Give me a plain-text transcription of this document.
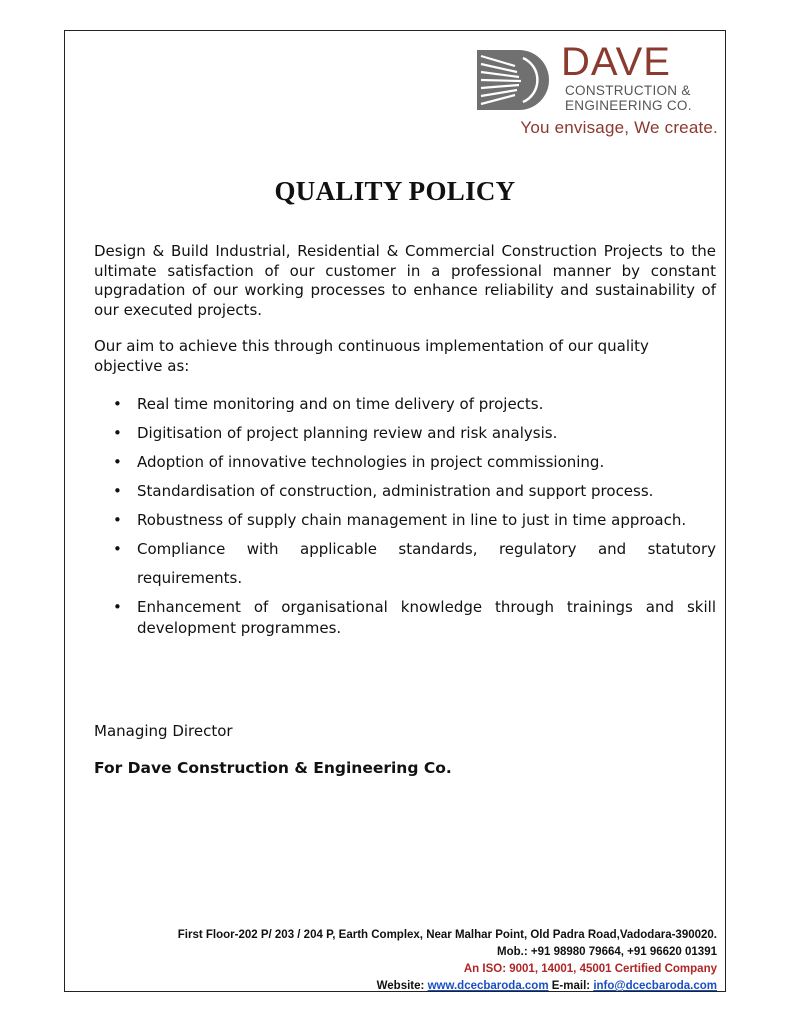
DAVE
CONSTRUCTION &
ENGINEERING CO.
You envisage, We create.
QUALITY POLICY
Design & Build Industrial, Residential & Commercial Construction Projects to the ultimate satisfaction of our customer in a professional manner by constant upgradation of our working processes to enhance reliability and sustainability of our executed projects.
Our aim to achieve this through continuous implementation of our quality objective as:
• Real time monitoring and on time delivery of projects.
• Digitisation of project planning review and risk analysis.
• Adoption of innovative technologies in project commissioning.
• Standardisation of construction, administration and support process.
• Robustness of supply chain management in line to just in time approach.
• Compliance with applicable standards, regulatory and statutory requirements.
• Enhancement of organisational knowledge through trainings and skill development programmes.
Managing Director
For Dave Construction & Engineering Co.
First Floor-202 P/ 203 / 204 P, Earth Complex, Near Malhar Point, Old Padra Road,Vadodara-390020.
Mob.: +91 98980 79664, +91 96620 01391
An ISO: 9001, 14001, 45001 Certified Company
Website: www.dcecbaroda.com E-mail: info@dcecbaroda.com
